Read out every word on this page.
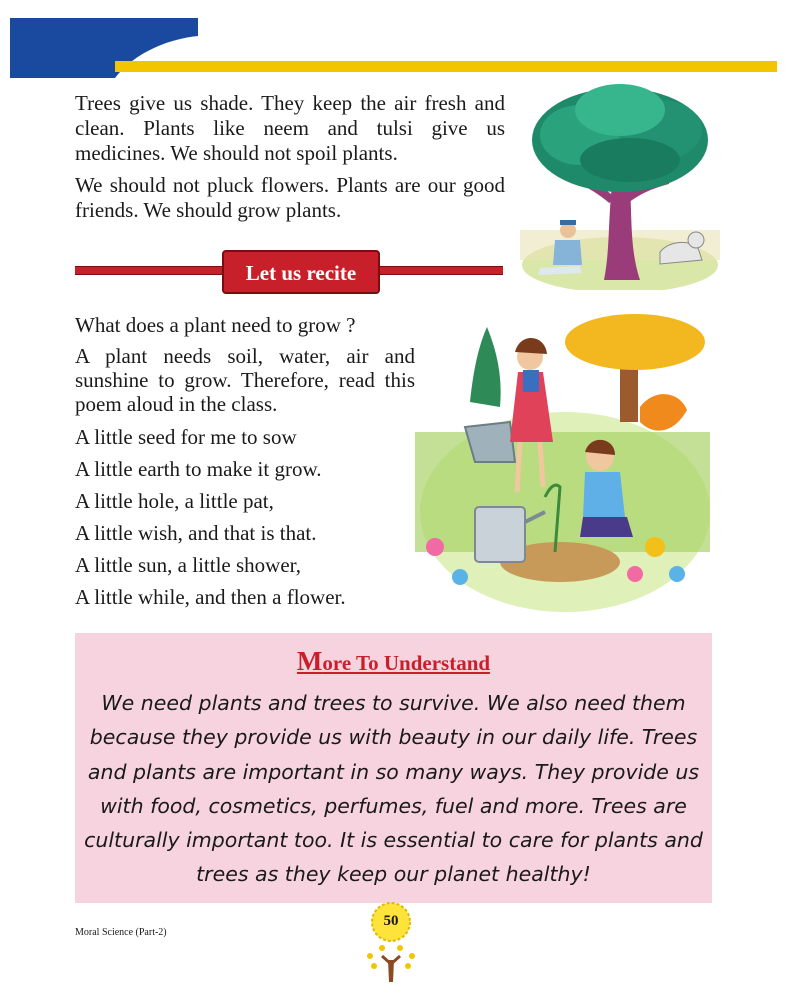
Trees give us shade. They keep the air fresh and clean. Plants like neem and tulsi give us medicines. We should not spoil plants.

We should not pluck flowers. Plants are our good friends. We should grow plants.

Let us recite

What does a plant need to grow ?

A plant needs soil, water, air and sunshine to grow. Therefore, read this poem aloud in the class.

A little seed for me to sow

A little earth to make it grow.

A little hole, a little pat,

A little wish, and that is that.

A little sun, a little shower,

A little while, and then a flower.

More To Understand
We need plants and trees to survive. We also need them because they provide us with beauty in our daily life. Trees and plants are important in so many ways. They provide us with food, cosmetics, perfumes, fuel and more. Trees are culturally important too. It is essential to care for plants and trees as they keep our planet healthy!
Moral Science (Part-2)
50
